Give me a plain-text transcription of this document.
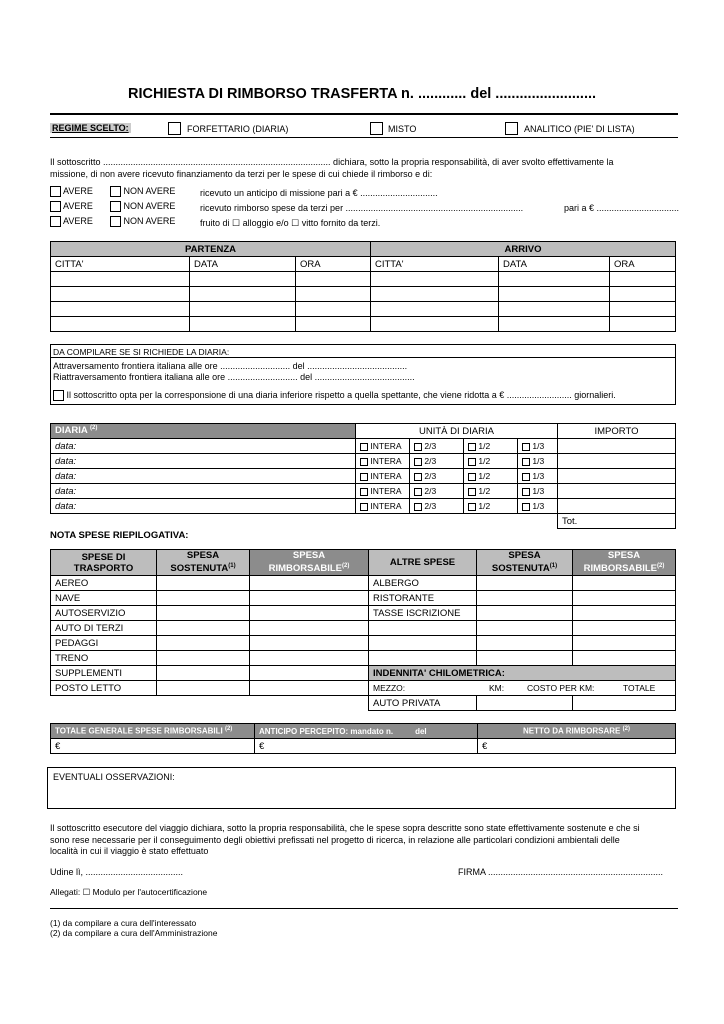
RICHIESTA DI RIMBORSO TRASFERTA n. ............ del .........................
REGIME SCELTO:	FORFETTARIO (DIARIA)	MISTO	ANALITICO (PIE' DI LISTA)
Il sottoscritto ........................................................................................... dichiara, sotto la propria responsabilità, di aver svolto effettivamente la
missione, di non avere ricevuto finanziamento da terzi per le spese di cui chiede il rimborso e di:
AVERE	NON AVERE	ricevuto un anticipo di missione pari a € ...............................
AVERE	NON AVERE	ricevuto rimborso spese da terzi per .......................................................................	pari a € .................................
AVERE	NON AVERE	fruito di ☐ alloggio e/o ☐ vitto fornito da terzi.
PARTENZA			ARRIVO		
CITTA'	DATA	ORA	CITTA'	DATA	ORA

DA COMPILARE SE SI RICHIEDE LA DIARIA:
Attraversamento frontiera italiana alle ore ............................ del ........................................
Riattraversamento frontiera italiana alle ore ............................ del ........................................
Il sottoscritto opta per la corresponsione di una diaria inferiore rispetto a quella spettante, che viene ridotta a € .......................... giornalieri.
DIARIA $^{(2)}$	UNITÀ DI DIARIA				IMPORTO
data:	INTERA	2/3	1/2	1/3	
data:	INTERA	2/3	1/2	1/3	
data:	INTERA	2/3	1/2	1/3	
data:	INTERA	2/3	1/2	1/3	
data:	INTERA	2/3	1/2	1/3	
					Tot.
NOTA SPESE RIEPILOGATIVA:
SPESE DI TRASPORTO	SPESA SOSTENUTA$^{(1)}$	SPESA RIMBORSABILE$^{(2)}$	ALTRE SPESE	SPESA SOSTENUTA$^{(1)}$	SPESA RIMBORSABILE$^{(2)}$
AEREO			ALBERGO		
NAVE			RISTORANTE		
AUTOSERVIZIO			TASSE ISCRIZIONE		
AUTO DI TERZI					
PEDAGGI					
TRENO					
SUPPLEMENTI			INDENNITA' CHILOMETRICA:		
POSTO LETTO			MEZZO: KM: COSTO PER KM: TOTALE		

			AUTO PRIVATA		
TOTALE GENERALE SPESE RIMBORSABILI $^{(2)}$	ANTICIPO PERCEPITO: mandato n. del	NETTO DA RIMBORSARE $^{(2)}$
€	€	€
EVENTUALI OSSERVAZIONI:
Il sottoscritto esecutore del viaggio dichiara, sotto la propria responsabilità, che le spese sopra descritte sono state effettivamente sostenute e che si
sono rese necessarie per il conseguimento degli obiettivi prefissati nel progetto di ricerca, in relazione alle particolari condizioni ambientali delle
località in cui il viaggio è stato effettuato
Udine lì, .......................................	FIRMA ......................................................................
Allegati: ☐ Modulo per l'autocertificazione
(1) da compilare a cura dell'interessato
(2) da compilare a cura dell'Amministrazione
